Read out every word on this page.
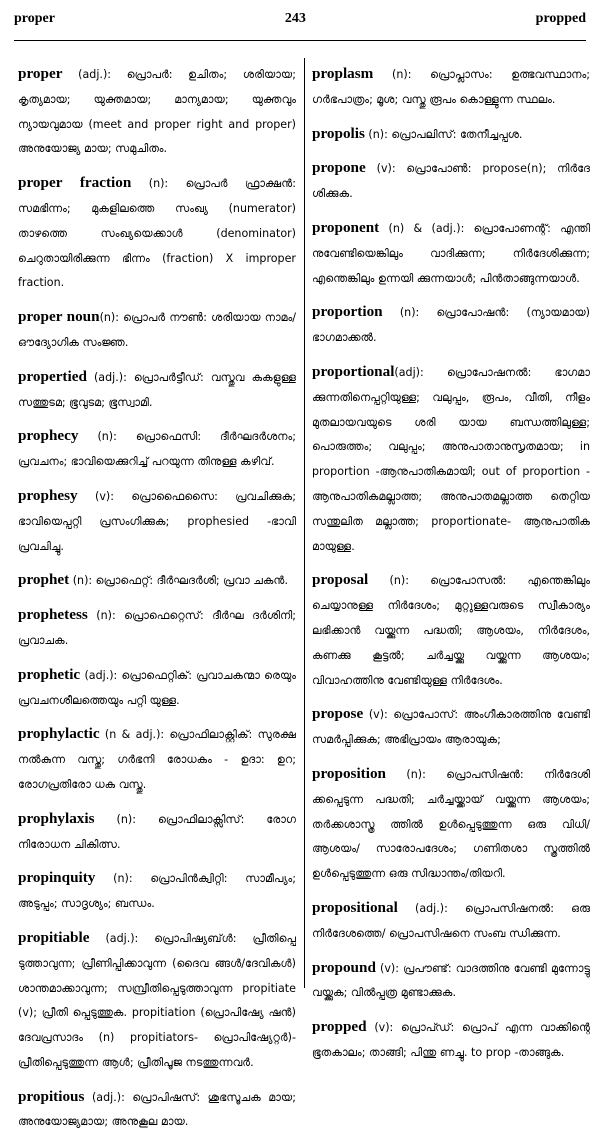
proper	243	propped

proper (adj.): പ്രൊപർ: ഉചിതം; ശരിയായ; കൃത്യമായ; യുക്തമായ; മാന്യമായ; യുക്തവും ന്യായവുമായ (meet and proper right and proper) അനുയോജ്യ മായ; സമുചിതം.

proper fraction (n): പ്രൊപർ ഫ്രാക്ഷൻ: സമഭിന്നം; മുകളിലത്തെ സംഖ്യ (numerator) താഴത്തെ സംഖ്യയെക്കാൾ (denominator) ചെറുതായിരിക്കുന്ന ഭിന്നം (fraction) X improper fraction.

proper noun(n): പ്രൊപർ നൗൺ: ശരിയായ നാമം/ഔദ്യോഗിക സംജ്ഞ.

propertied (adj.): പ്രൊപർട്ടീഡ്: വസ്തുവ കകളുള്ള സത്തുടമ; ഭൂവുടമ; ഭൂസ്വാമി.

prophecy (n): പ്രൊഫെസി: ദീർഘദർശനം; പ്രവചനം; ഭാവിയെക്കുറിച്ച് പറയുന്ന തിനുള്ള കഴിവ്.

prophesy (v): പ്രൊഫൈസൈ: പ്രവചിക്കുക; ഭാവിയെപ്പറ്റി പ്രസംഗിക്കുക; prophesied -ഭാവി പ്രവചിച്ചു.

prophet (n): പ്രൊഫെറ്റ്: ദീർഘദർശി; പ്രവാ ചകൻ.

prophetess (n): പ്രൊഫെറ്റെസ്: ദീർഘ ദർശിനി; പ്രവാചക.

prophetic (adj.): പ്രൊഫെറ്റിക്: പ്രവാചകന്മാ രെയും പ്രവചനശീലത്തെയും പറ്റി യുള്ള.

prophylactic (n & adj.): പ്രൊഫിലാക്റ്റിക്: സുരക്ഷ നൽകുന്ന വസ്തു; ഗർഭനി രോധകം - ഉദാ: ഉറ; രോഗപ്രതിരോ ധക വസ്തു.

prophylaxis (n): പ്രൊഫിലാക്സിസ്: രോഗ നിരോധന ചികിത്സ.

propinquity (n): പ്രൊപിൻക്വിറ്റി: സാമീപ്യം; അടുപ്പം; സാദൃശ്യം; ബന്ധം.

propitiable (adj.): പ്രൊപിഷ്യബ്ൾ: പ്രീതിപ്പെ ടുത്താവുന്ന; പ്രീണിപ്പിക്കാവുന്ന (ദൈവ ങ്ങൾ/ദേവികൾ) ശാന്തമാക്കാവുന്ന; സമ്പ്രീതിപ്പെടുത്താവുന്ന propitiate (v); പ്രീതി പ്പെടുത്തുക. propitiation (പ്രൊപിഷ്യേ ഷൻ) ദേവപ്രസാദം (n) propitiators- പ്രൊപിഷ്യേറ്റർ)- പ്രീതിപ്പെടുത്തുന്ന ആൾ; പ്രീതിപൂജ നടത്തുന്നവർ.

propitious (adj.): പ്രൊപിഷസ്: ശുഭസൂചക മായ; അനുയോജ്യമായ; അനുകൂല മായ.

proplasm (n): പ്രൊപ്ലാസം: ഉത്ഭവസ്ഥാനം; ഗർഭപാത്രം; മൂശ; വസ്തു രൂപം കൊള്ളുന്ന സ്ഥലം.

propolis (n): പ്രൊപലിസ്: തേനീച്ചപ്പശ.

propone (v): പ്രൊപോൺ: propose(n); നിർദേ ശിക്കുക.

proponent (n) & (adj.): പ്രൊപോണന്റ്: എന്തി നുവേണ്ടിയെങ്കിലും വാദിക്കുന്ന; നിർദേശിക്കുന്ന; എന്തെങ്കിലും ഉന്നയി ക്കുന്നയാൾ; പിൻതാങ്ങുന്നയാൾ.

proportion (n): പ്രൊപോഷൻ: (ന്യായമായ) ഭാഗമാക്കൽ.

proportional(adj): പ്രൊപോഷനൽ: ഭാഗമാ ക്കുന്നതിനെപ്പറ്റിയുള്ള; വലുപ്പം, രൂപം, വീതി, നീളം മുതലായവയുടെ ശരി യായ ബന്ധത്തിലുള്ള; പൊരുത്തം; വലുപ്പം; അനുപാതാനുസൃതമായ; in proportion -ആനുപാതികമായി; out of proportion - ആനുപാതികമല്ലാത്ത; അനുപാതമല്ലാത്ത തെറ്റിയ സന്തുലിത മല്ലാത്ത; proportionate- ആനുപാതിക മായുള്ള.

proposal (n): പ്രൊപോസൽ: എന്തെങ്കിലും ചെയ്യാനുള്ള നിർദേശം; മുറ്റുള്ളവരുടെ സ്വീകാര്യം ലഭിക്കാൻ വയ്ക്കുന്ന പദ്ധതി; ആശയം, നിർദേശം, കണക്കു കൂട്ടൽ; ചർച്ചയ്ക്കു വയ്ക്കുന്ന ആശയം; വിവാഹത്തിനു വേണ്ടിയുള്ള നിർദേശം.

propose (v): പ്രൊപോസ്: അംഗീകാരത്തിനു വേണ്ടി സമർപ്പിക്കുക; അഭിപ്രായം ആരായുക;

proposition (n): പ്രൊപസിഷൻ: നിർദേശി ക്കപ്പെടുന്ന പദ്ധതി; ചർച്ചയ്ക്കായ് വയ്ക്കുന്ന ആശയം; തർക്കശാസ്ത്ര ത്തിൽ ഉൾപ്പെടുത്തുന്ന ഒരു വിധി/ ആശയം/ സാരോപദേശം; ഗണിതശാ സ്ത്രത്തിൽ ഉൾപ്പെടുത്തുന്ന ഒരു സിദ്ധാന്തം/തിയറി.

propositional (adj.): പ്രൊപസിഷനൽ: ഒരു നിർദേശത്തെ/ പ്രൊപസിഷനെ സംബ ന്ധിക്കുന്ന.

propound (v): പ്രപൗണ്ട്: വാദത്തിനു വേണ്ടി മുന്നോട്ടു വയ്ക്കുക; വിൽപ്പത്ര മുണ്ടാക്കുക.

propped (v): പ്രൊപ്ഡ്: പ്രൊപ് എന്ന വാക്കിന്റെ ഭൂതകാലം; താങ്ങി; പിന്തു ണച്ചു. to prop -താങ്ങുക.
